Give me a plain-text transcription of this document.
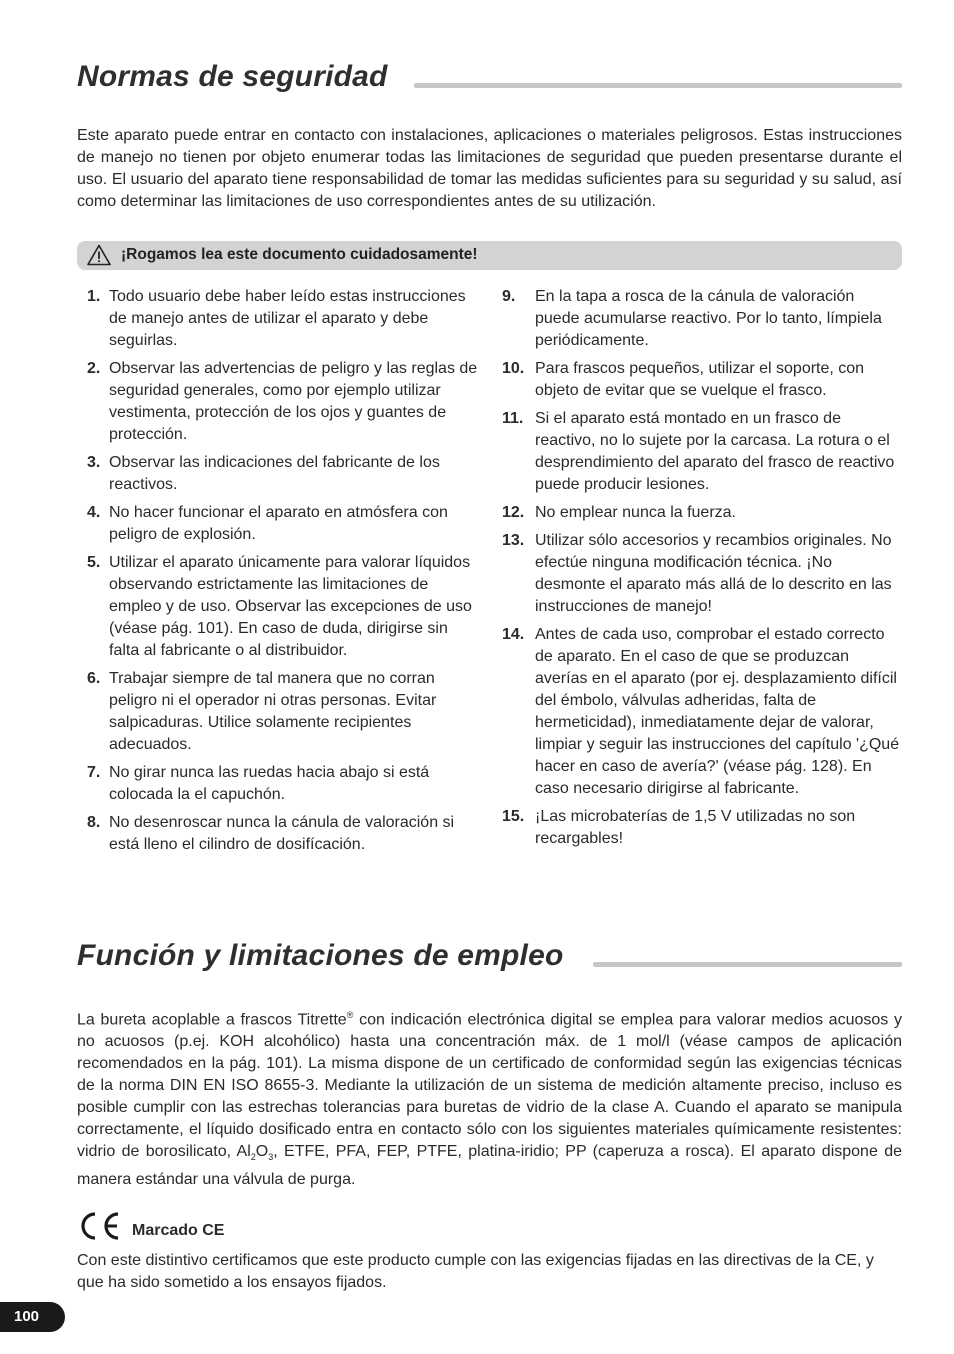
Normas de seguridad

Este aparato puede entrar en contacto con instalaciones, aplicaciones o materiales peligrosos. Estas instrucciones de manejo no tienen por objeto enumerar todas las limitaciones de seguridad que pueden presentarse durante el uso. El usuario del aparato tiene responsabilidad de tomar las medidas suficientes para su seguridad y su salud, así como determinar las limitaciones de uso correspondientes antes de su utilización.

¡Rogamos lea este documento cuidadosamente!
1. Todo usuario debe haber leído estas instrucciones de manejo antes de utilizar el aparato y debe seguirlas.
2. Observar las advertencias de peligro y las reglas de seguridad generales, como por ejemplo utilizar vestimenta, protección de los ojos y guantes de protección.
3. Observar las indicaciones del fabricante de los reactivos.
4. No hacer funcionar el aparato en atmósfera con peligro de explosión.
5. Utilizar el aparato únicamente para valorar líquidos observando estrictamente las limitaciones de empleo y de uso. Observar las excepciones de uso (véase pág. 101). En caso de duda, dirigirse sin falta al fabricante o al distribuidor.
6. Trabajar siempre de tal manera que no corran peligro ni el operador ni otras personas. Evitar salpicaduras. Utilice solamente recipientes adecuados.
7. No girar nunca las ruedas hacia abajo si está colocada la el capuchón.
8. No desenroscar nunca la cánula de valoración si está lleno el cilindro de dosifícación.
9. En la tapa a rosca de la cánula de valoración puede acumularse reactivo. Por lo tanto, límpiela periódicamente.
10. Para frascos pequeños, utilizar el soporte, con objeto de evitar que se vuelque el frasco.
11. Si el aparato está montado en un frasco de reactivo, no lo sujete por la carcasa. La rotura o el desprendimiento del aparato del frasco de reactivo puede producir lesiones.
12. No emplear nunca la fuerza.
13. Utilizar sólo accesorios y recambios originales. No efectúe ninguna modificación técnica. ¡No desmonte el aparato más allá de lo descrito en las instrucciones de manejo!
14. Antes de cada uso, comprobar el estado correcto de aparato. En el caso de que se produzcan averías en el aparato (por ej. desplazamiento difícil del émbolo, válvulas adheridas, falta de hermeticidad), inmediatamente dejar de valorar, limpiar y seguir las instrucciones del capítulo '¿Qué hacer en caso de avería?' (véase pág. 128). En caso necesario dirigirse al fabricante.
15. ¡Las microbaterías de 1,5 V utilizadas no son recargables!
Función y limitaciones de empleo

La bureta acoplable a frascos Titrette® con indicación electrónica digital se emplea para valorar medios acuosos y no acuosos (p.ej. KOH alcohólico) hasta una concentración máx. de 1 mol/l (véase campos de aplicación recomendados en la pág. 101). La misma dispone de un certificado de conformidad según las exigencias técnicas de la norma DIN EN ISO 8655-3. Mediante la utilización de un sistema de medición altamente preciso, incluso es posible cumplir con las estrechas tolerancias para buretas de vidrio de la clase A. Cuando el aparato se manipula correctamente, el líquido dosificado entra en contacto sólo con los siguientes materiales químicamente resistentes: vidrio de borosilicato, $Al_2O_3$, ETFE, PFA, FEP, PTFE, platina-iridio; PP (caperuza a rosca). El aparato dispone de manera estándar una válvula de purga.

Marcado CE

Con este distintivo certificamos que este producto cumple con las exigencias fijadas en las directivas de la CE, y que ha sido sometido a los ensayos fijados.

100
